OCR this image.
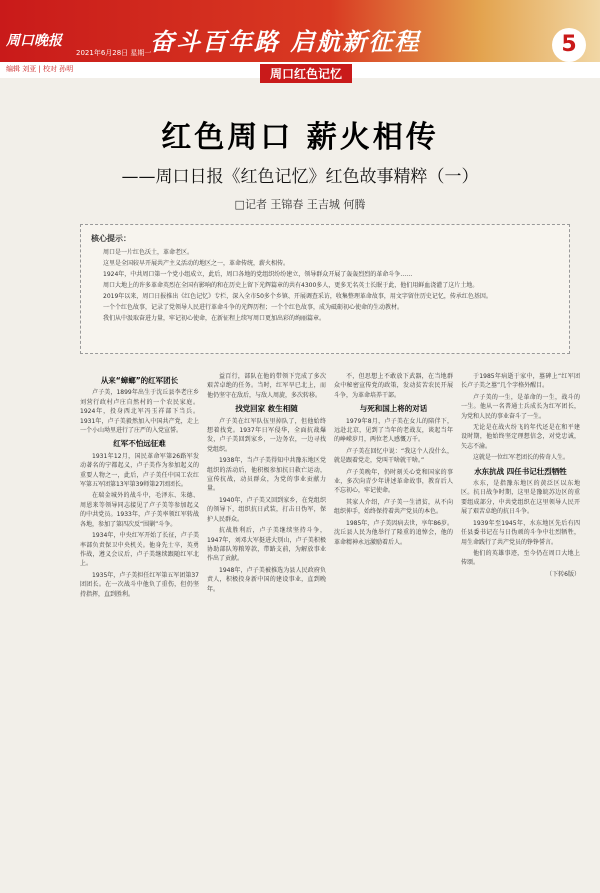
周口晚报
2021年6月28日 星期一
奋斗百年路 启航新征程	5
编辑 刘亚 | 校对 孙明	周口红色记忆
红色周口 薪火相传
——周口日报《红色记忆》红色故事精粹（一）
□记者 王锦春 王吉城 何腾
核心提示：

周口是一片红色沃土，革命老区。

这里是全国较早开展共产主义活动的地区之一，革命传统，薪火相传。

1924年，中共周口第一个党小组成立，此后，周口各地的党组织纷纷建立，领导群众开展了轰轰烈烈的革命斗争……

周口大地上的许多革命英烈在全国有影响的和在历史上留下光辉篇章的共有4300多人，更多无名英士长眠于此，他们用鲜血浇灌了这片土地。

2019年以来，周口日报推出《红色记忆》专栏，深入全市50多个乡镇、开展调查采访，收集整理革命故事，用文字留住历史记忆，传承红色基因。

一个个红色故事，记录了党领导人民进行革命斗争的光辉历程；一个个红色故事，成为砥砺初心使命的生动教材。

我们从中汲取奋进力量，牢记初心使命，在新征程上续写周口更加出彩的绚丽篇章。

从来“蟑螂”的红军团长

卢子美，1899年出生于沈丘县李老庄乡刘营行政村卢庄自然村的一个农民家庭。1924年，投身西北军冯玉祥部下当兵。1931年，卢子美毅然加入中国共产党，走上一个小山坳里进行了庄严的入党宣誓。

红军不怕远征难

1931年12月，国民革命军第26路军发动著名的宁都起义，卢子美作为参加起义的重要人物之一，此后，卢子美任中国工农红军第五军团第13军第39师第27团团长。

在瑞金城外的战斗中，毛泽东、朱德、周恩来等领导同志接见了卢子美等参加起义的中共党员。1933年，卢子美率领红军转战各地，参加了第四次反“围剿”斗争。

1934年，中央红军开始了长征，卢子美率部负责保卫中央机关。他身先士卒，英勇作战，遵义会议后，卢子美继续跟随红军北上。

1935年，卢子美担任红军第五军团第37团团长。在一次战斗中他负了重伤，但仍坚持指挥，直到胜利。

益百行，部队在他的带领下完成了多次艰苦卓绝的任务。当时，红军旱已北上，而他仍坚守在敌后，与敌人周旋，多次转移。

找党回家 救生相随

卢子美在红军队伍里掉队了，但他始终想着找党。1937年日军侵华，全面抗战爆发，卢子美回到家乡，一边务农，一边寻找党组织。

1938年，当卢子美得知中共豫东地区党组织的活动后，他积极参加抗日救亡运动，宣传抗战，动员群众，为党的事业贡献力量。

1940年，卢子美又回到家乡，在党组织的领导下，组织抗日武装，打击日伪军，保护人民群众。

抗战胜利后，卢子美继续坚持斗争，1947年，刘邓大军挺进大别山，卢子美积极协助部队筹粮筹款，带路支前，为解放事业作出了贡献。

1948年，卢子美被推选为县人民政府负责人，积极投身新中国的建设事业，直到晚年。

不，但思想上不敢放下武器，在当地群众中秘密宣传党的政策，发动贫苦农民开展斗争，为革命培养干部。

与死和国上将的对话

1979年8月，卢子美在女儿的陪伴下，远赴北京，见到了当年的老战友，谈起当年的峥嵘岁月，两位老人感慨万千。

卢子美在回忆中说：“我这个人没什么，就是跟着党走，党叫干啥就干啥。”

卢子美晚年，仍时刻关心党和国家的事业，多次向青少年讲述革命故事，教育后人不忘初心，牢记使命。

其家人介绍，卢子美一生清贫，从不向组织伸手，始终保持着共产党员的本色。

1985年，卢子美因病去世，享年86岁。沈丘县人民为他举行了隆重的追悼会，他的革命精神永远激励着后人。

于1985年病逝于家中，墓碑上“红军团长卢子美之墓”几个字格外醒目。

卢子美的一生，是革命的一生，战斗的一生。他从一名普通士兵成长为红军团长，为党和人民的事业奋斗了一生。

无论是在战火纷飞的年代还是在和平建设时期，他始终坚定理想信念，对党忠诚，矢志不渝。

这就是一位红军老团长的传奇人生。

水东抗战 四任书记壮烈牺牲

水东，是指豫东地区的黄泛区以东地区。抗日战争时期，这里是豫皖苏边区的重要组成部分，中共党组织在这里领导人民开展了艰苦卓绝的抗日斗争。

1939年至1945年，水东地区先后有四任县委书记在与日伪顽的斗争中壮烈牺牲，用生命践行了共产党员的铮铮誓言。

他们的英雄事迹，至今仍在周口大地上传颂。

（下转6版）
